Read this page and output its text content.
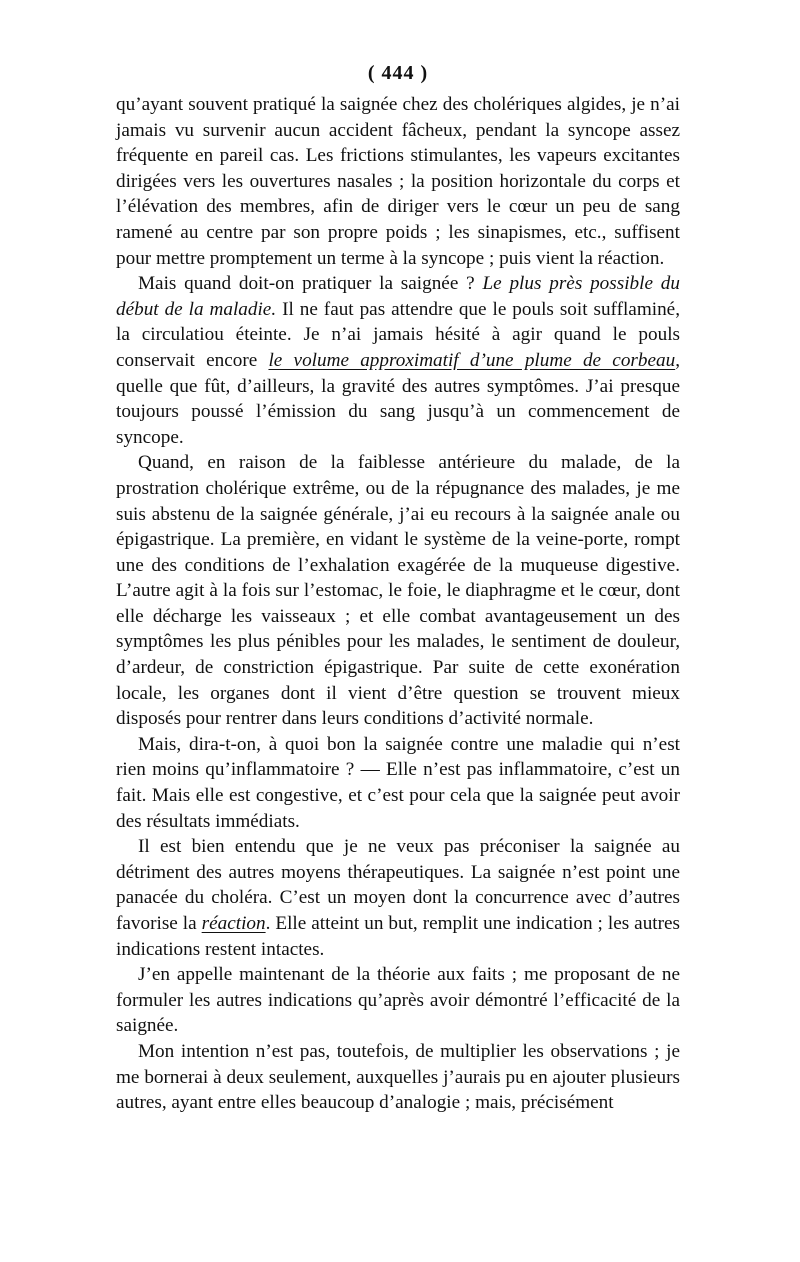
( 444 )

qu’ayant souvent pratiqué la saignée chez des cholériques algides, je n’ai jamais vu survenir aucun accident fâcheux, pendant la syncope assez fréquente en pareil cas. Les frictions stimulantes, les vapeurs excitantes dirigées vers les ouvertures nasales ; la position horizontale du corps et l’élévation des membres, afin de diriger vers le cœur un peu de sang ramené au centre par son propre poids ; les sinapismes, etc., suffisent pour mettre promptement un terme à la syncope ; puis vient la réaction.

Mais quand doit-on pratiquer la saignée ? Le plus près possible du début de la maladie. Il ne faut pas attendre que le pouls soit sufflaminé, la circulatiou éteinte. Je n’ai jamais hésité à agir quand le pouls conservait encore le volume approximatif d’une plume de corbeau, quelle que fût, d’ailleurs, la gravité des autres symptômes. J’ai presque toujours poussé l’émission du sang jusqu’à un commencement de syncope.

Quand, en raison de la faiblesse antérieure du malade, de la prostration cholérique extrême, ou de la répugnance des malades, je me suis abstenu de la saignée générale, j’ai eu recours à la saignée anale ou épigastrique. La première, en vidant le système de la veine-porte, rompt une des conditions de l’exhalation exagérée de la muqueuse digestive. L’autre agit à la fois sur l’estomac, le foie, le diaphragme et le cœur, dont elle décharge les vaisseaux ; et elle combat avantageusement un des symptômes les plus pénibles pour les malades, le sentiment de douleur, d’ardeur, de constriction épigastrique. Par suite de cette exonération locale, les organes dont il vient d’être question se trouvent mieux disposés pour rentrer dans leurs conditions d’activité normale.

Mais, dira-t-on, à quoi bon la saignée contre une maladie qui n’est rien moins qu’inflammatoire ? — Elle n’est pas inflammatoire, c’est un fait. Mais elle est congestive, et c’est pour cela que la saignée peut avoir des résultats immédiats.

Il est bien entendu que je ne veux pas préconiser la saignée au détriment des autres moyens thérapeutiques. La saignée n’est point une panacée du choléra. C’est un moyen dont la concurrence avec d’autres favorise la réaction. Elle atteint un but, remplit une indication ; les autres indications restent intactes.

J’en appelle maintenant de la théorie aux faits ; me proposant de ne formuler les autres indications qu’après avoir démontré l’efficacité de la saignée.

Mon intention n’est pas, toutefois, de multiplier les observations ; je me bornerai à deux seulement, auxquelles j’aurais pu en ajouter plusieurs autres, ayant entre elles beaucoup d’analogie ; mais, précisément
